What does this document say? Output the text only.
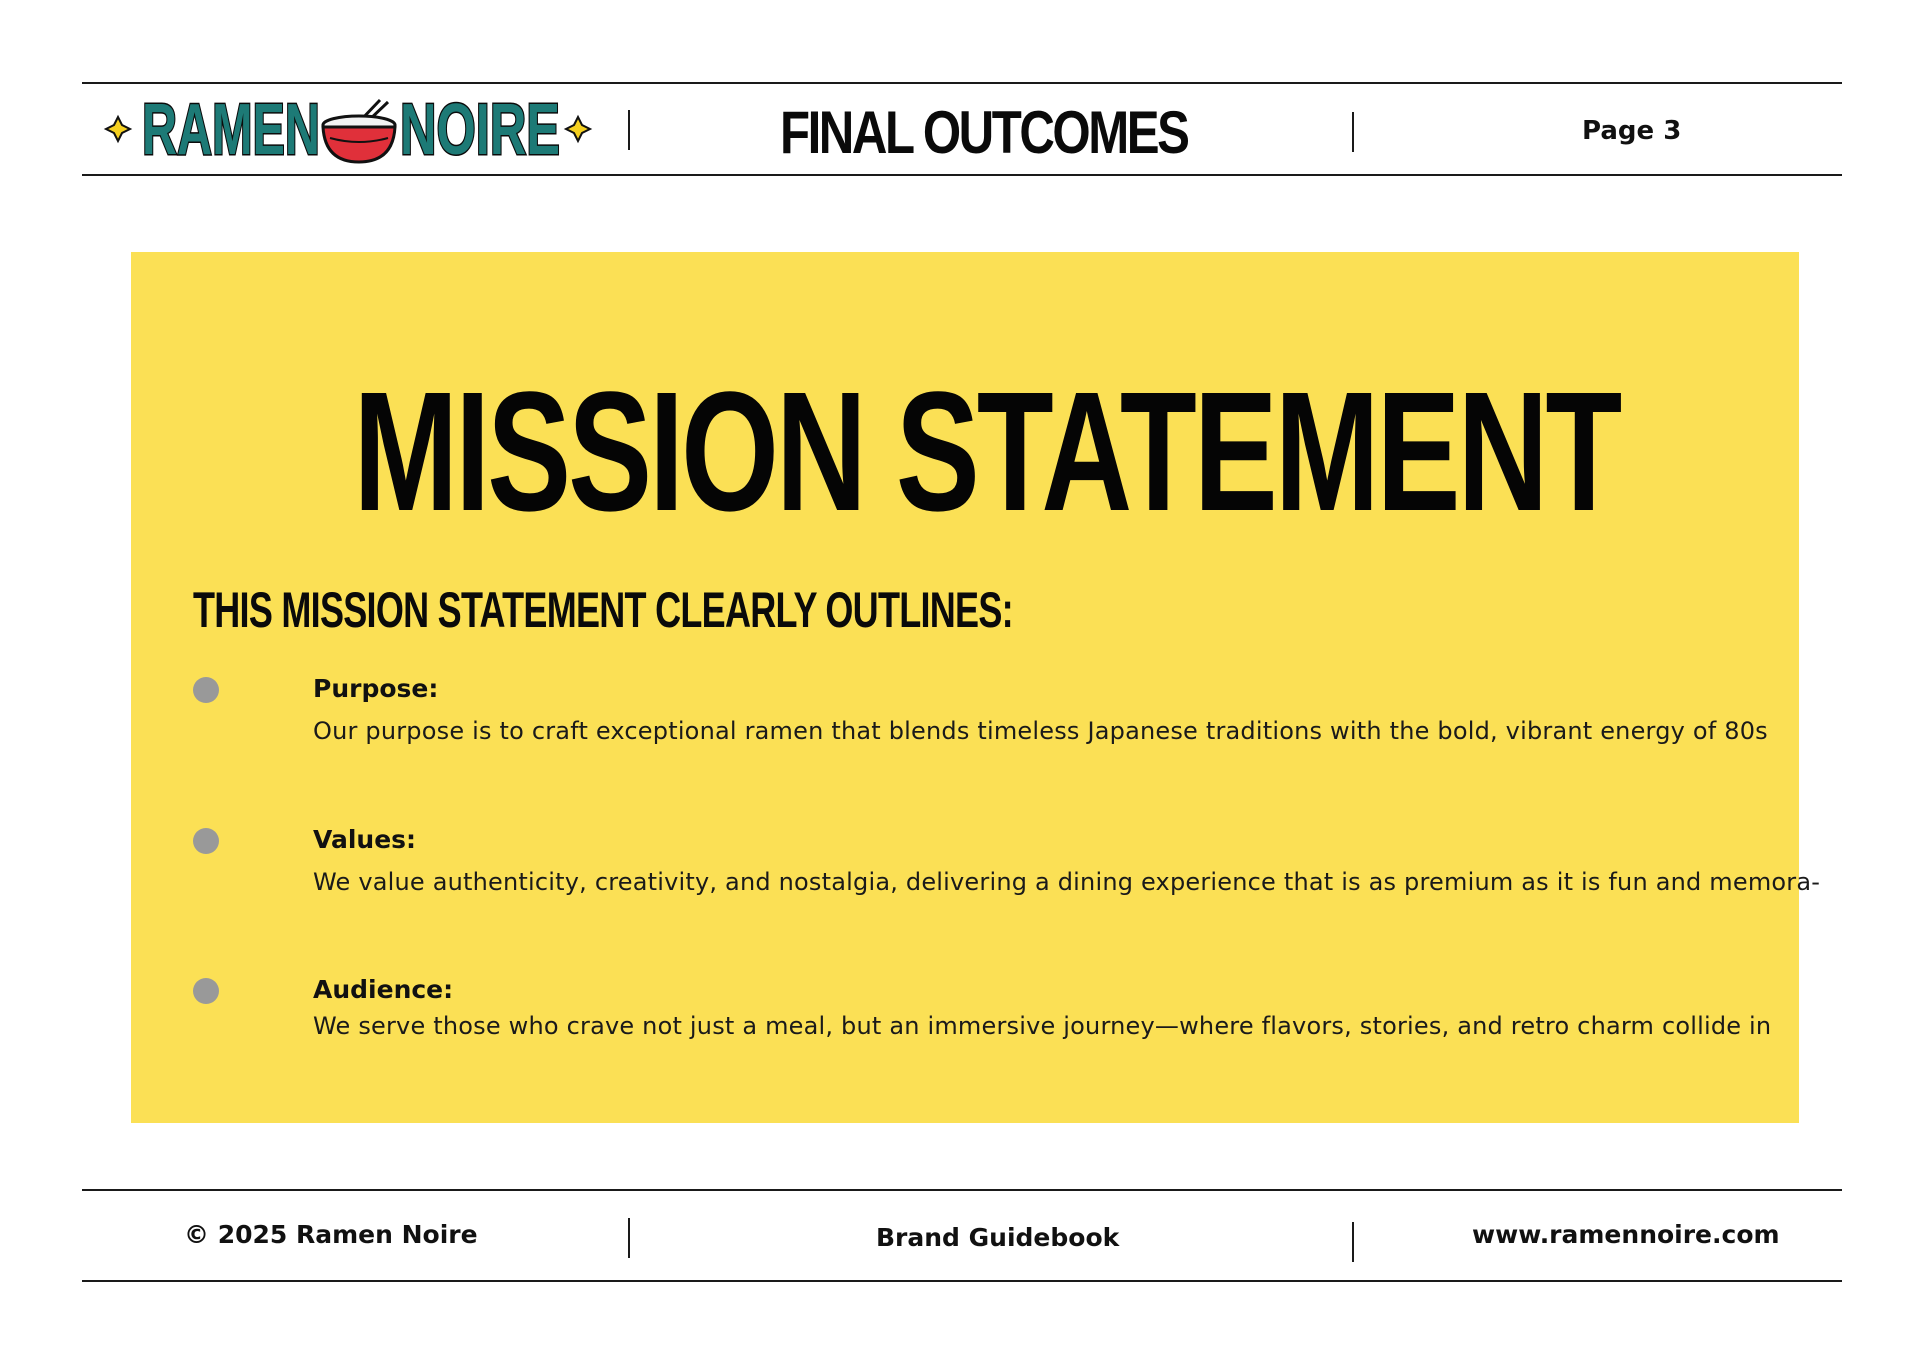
RAMEN NOIRE	FINAL OUTCOMES	Page 3
MISSION STATEMENT
THIS MISSION STATEMENT CLEARLY OUTLINES:
Purpose:
Our purpose is to craft exceptional ramen that blends timeless Japanese traditions with the bold, vibrant energy of 80s
Values:
We value authenticity, creativity, and nostalgia, delivering a dining experience that is as premium as it is fun and memora-
Audience:
We serve those who crave not just a meal, but an immersive journey—where flavors, stories, and retro charm collide in
© 2025 Ramen Noire	Brand Guidebook	www.ramennoire.com
